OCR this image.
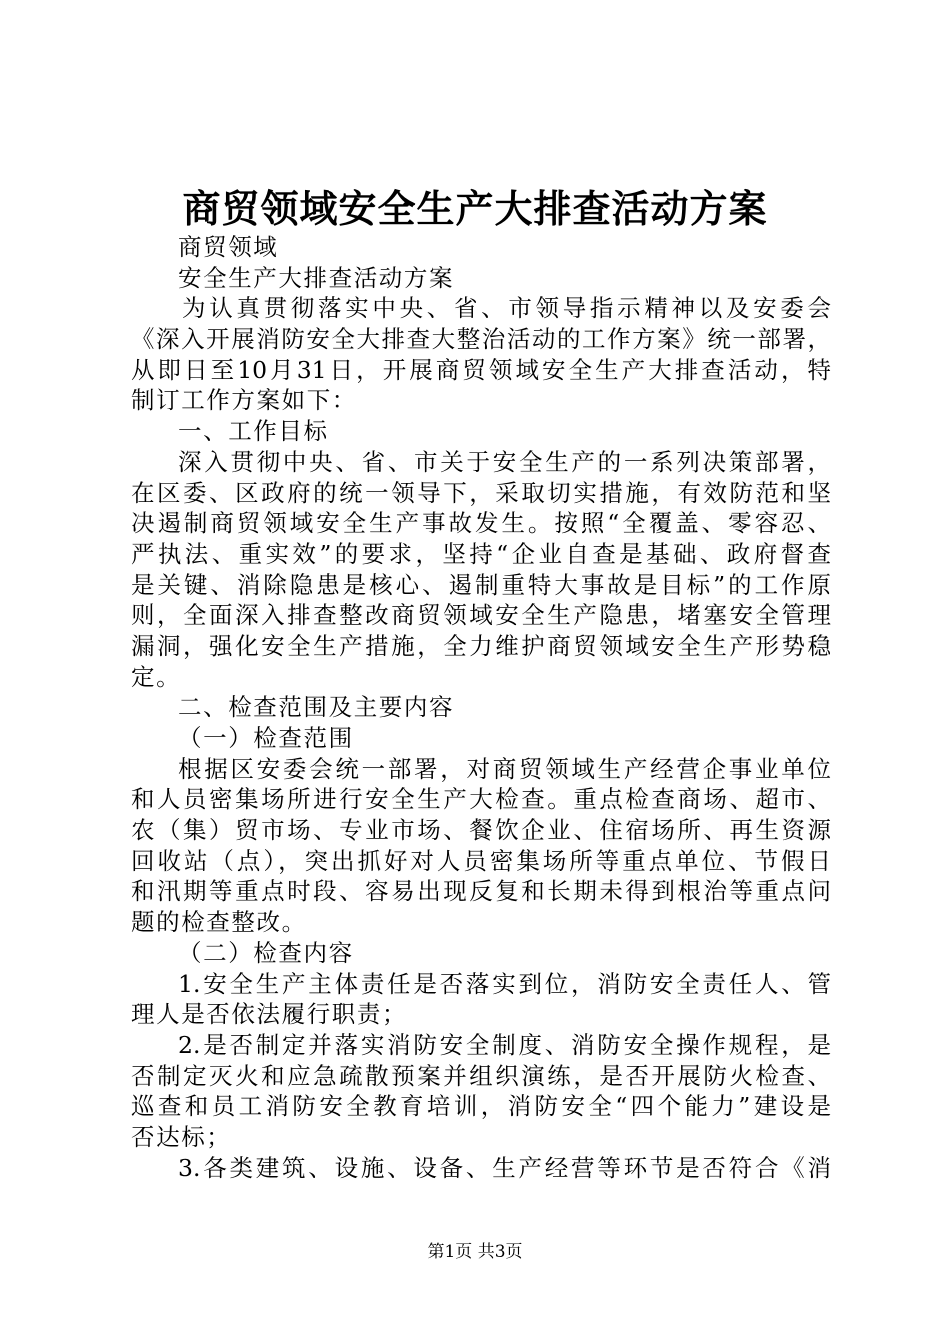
商贸领域安全生产大排查活动方案
商贸领域
安全生产大排查活动方案
为认真贯彻落实中央、省、市领导指示精神以及安委会
《深入开展消防安全大排查大整治活动的工作方案》统一部署，
从即日至10月31日，开展商贸领域安全生产大排查活动，特
制订工作方案如下：
一、工作目标
深入贯彻中央、省、市关于安全生产的一系列决策部署，
在区委、区政府的统一领导下，采取切实措施，有效防范和坚
决遏制商贸领域安全生产事故发生。按照“全覆盖、零容忍、
严执法、重实效”的要求，坚持“企业自查是基础、政府督查
是关键、消除隐患是核心、遏制重特大事故是目标”的工作原
则，全面深入排查整改商贸领域安全生产隐患，堵塞安全管理
漏洞，强化安全生产措施，全力维护商贸领域安全生产形势稳
定。
二、检查范围及主要内容
（一）检查范围
根据区安委会统一部署，对商贸领域生产经营企事业单位
和人员密集场所进行安全生产大检查。重点检查商场、超市、
农（集）贸市场、专业市场、餐饮企业、住宿场所、再生资源
回收站（点），突出抓好对人员密集场所等重点单位、节假日
和汛期等重点时段、容易出现反复和长期未得到根治等重点问
题的检查整改。
（二）检查内容
1.安全生产主体责任是否落实到位，消防安全责任人、管
理人是否依法履行职责；
2.是否制定并落实消防安全制度、消防安全操作规程，是
否制定灭火和应急疏散预案并组织演练，是否开展防火检查、
巡查和员工消防安全教育培训，消防安全“四个能力”建设是
否达标；
3.各类建筑、设施、设备、生产经营等环节是否符合《消
第1页 共3页
